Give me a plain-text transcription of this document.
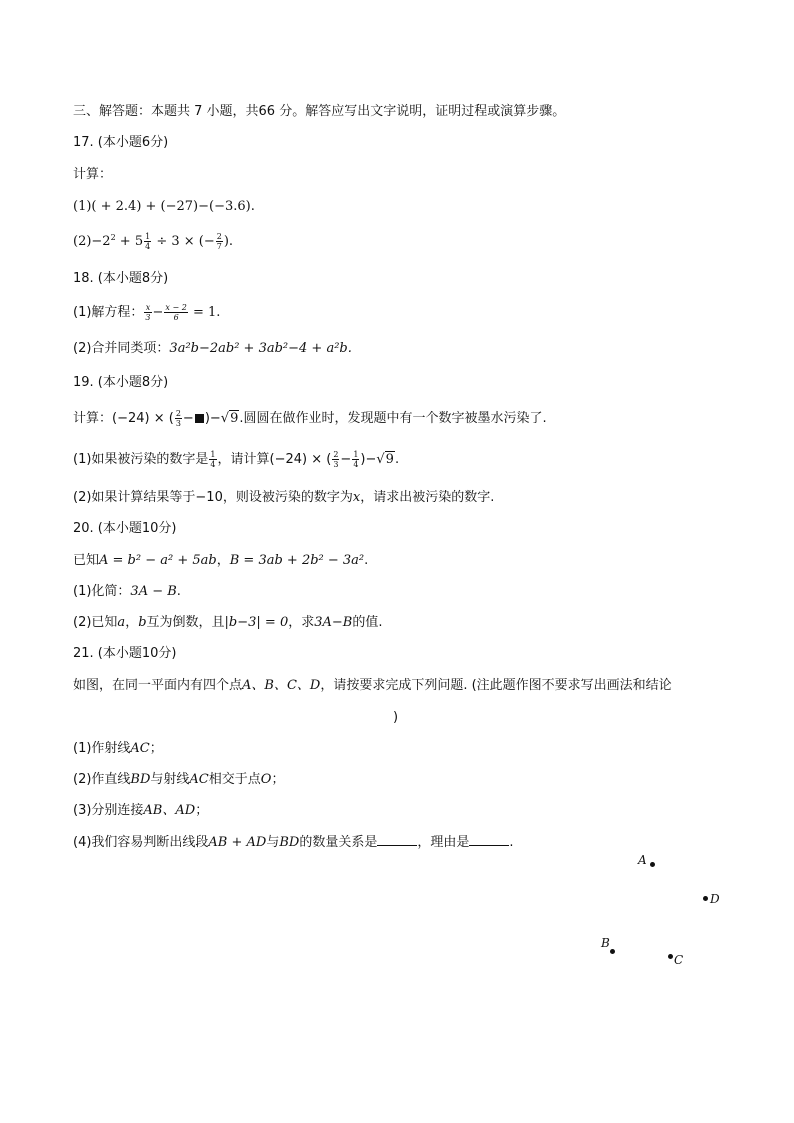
三、解答题：本题共 7 小题，共66 分。解答应写出文字说明，证明过程或演算步骤。
17. (本小题6分)
计算：
(1)( + 2.4) + (−27)−(−3.6).
$(2)-2^2 + 5 \frac{1}{4} \div 3$ × (− $\frac{2}{7}$ ).
18. (本小题8分)
(1)解方程： $\frac{x}{3} - \frac{x - 2}{6} = 1$.
(2)合并同类项：3a²b−2ab² + 3ab²−4 + a²b.
19. (本小题8分)
计算：(−24) × ( $\frac{2}{3} - )-√9$.圆圆在做作业时，发现题中有一个数字被墨水污染了.
(1)如果被污染的数字是 $\frac{1}{4}$ ，请计算(−24) × ( $\frac{2}{3} - \frac{1}{4} )-√9$.
(2)如果计算结果等于−10，则设被污染的数字为x，请求出被污染的数字.
20. (本小题10分)
已知A = b² − a² + 5ab，B = 3ab + 2b² − 3a².
(1)化简：3A − B.
(2)已知a，b互为倒数，且|b−3| = 0，求3A−B的值.
21. (本小题10分)
如图，在同一平面内有四个点A、B、C、D，请按要求完成下列问题. (注此题作图不要求写出画法和结论
)
(1)作射线AC；
(2)作直线BD与射线AC相交于点O；
(3)分别连接AB、AD；
(4)我们容易判断出线段AB + AD与BD的数量关系是	，理由是	.
A
D
B
C
